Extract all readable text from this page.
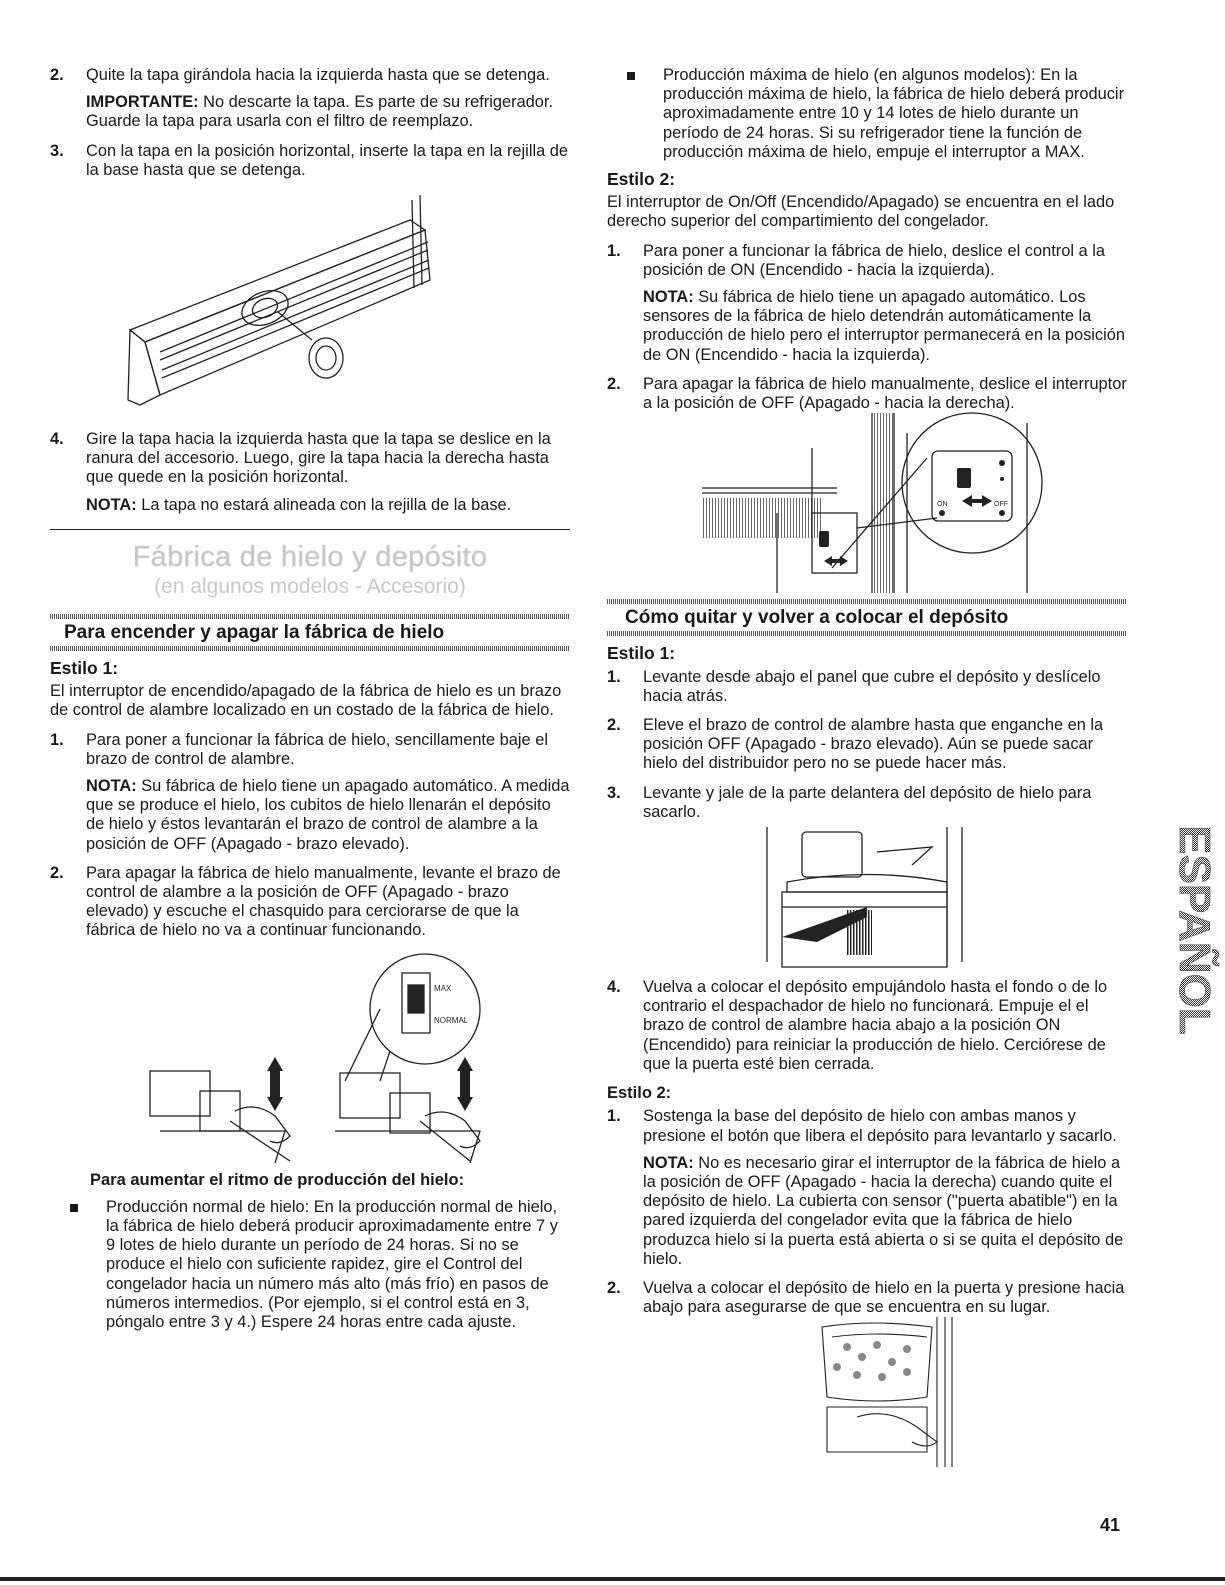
2. Quite la tapa girándola hacia la izquierda hasta que se detenga.

IMPORTANTE: No descarte la tapa. Es parte de su refrigerador. Guarde la tapa para usarla con el filtro de reemplazo.

3. Con la tapa en la posición horizontal, inserte la tapa en la rejilla de la base hasta que se detenga.

4. Gire la tapa hacia la izquierda hasta que la tapa se deslice en la ranura del accesorio. Luego, gire la tapa hacia la derecha hasta que quede en la posición horizontal.

NOTA: La tapa no estará alineada con la rejilla de la base.

Fábrica de hielo y depósito

(en algunos modelos - Accesorio)

Para encender y apagar la fábrica de hielo
Estilo 1:

El interruptor de encendido/apagado de la fábrica de hielo es un brazo de control de alambre localizado en un costado de la fábrica de hielo.

1. Para poner a funcionar la fábrica de hielo, sencillamente baje el brazo de control de alambre.

NOTA: Su fábrica de hielo tiene un apagado automático. A medida que se produce el hielo, los cubitos de hielo llenarán el depósito de hielo y éstos levantarán el brazo de control de alambre a la posición de OFF (Apagado - brazo elevado).

2. Para apagar la fábrica de hielo manualmente, levante el brazo de control de alambre a la posición de OFF (Apagado - brazo elevado) y escuche el chasquido para cerciorarse de que la fábrica de hielo no va a continuar funcionando.

MAX
NORMAL
Para aumentar el ritmo de producción del hielo:

Producción normal de hielo: En la producción normal de hielo, la fábrica de hielo deberá producir aproximadamente entre 7 y 9 lotes de hielo durante un período de 24 horas. Si no se produce el hielo con suficiente rapidez, gire el Control del congelador hacia un número más alto (más frío) en pasos de números intermedios. (Por ejemplo, si el control está en 3, póngalo entre 3 y 4.) Espere 24 horas entre cada ajuste.

Producción máxima de hielo (en algunos modelos): En la producción máxima de hielo, la fábrica de hielo deberá producir aproximadamente entre 10 y 14 lotes de hielo durante un período de 24 horas. Si su refrigerador tiene la función de producción máxima de hielo, empuje el interruptor a MAX.

Estilo 2:

El interruptor de On/Off (Encendido/Apagado) se encuentra en el lado derecho superior del compartimiento del congelador.

1. Para poner a funcionar la fábrica de hielo, deslice el control a la posición de ON (Encendido - hacia la izquierda).

NOTA: Su fábrica de hielo tiene un apagado automático. Los sensores de la fábrica de hielo detendrán automáticamente la producción de hielo pero el interruptor permanecerá en la posición de ON (Encendido - hacia la izquierda).

2. Para apagar la fábrica de hielo manualmente, deslice el interruptor a la posición de OFF (Apagado - hacia la derecha).

ON	OFF
Cómo quitar y volver a colocar el depósito
Estilo 1:
1. Levante desde abajo el panel que cubre el depósito y deslícelo hacia atrás.

2. Eleve el brazo de control de alambre hasta que enganche en la posición OFF (Apagado - brazo elevado). Aún se puede sacar hielo del distribuidor pero no se puede hacer más.

3. Levante y jale de la parte delantera del depósito de hielo para sacarlo.

4. Vuelva a colocar el depósito empujándolo hasta el fondo o de lo contrario el despachador de hielo no funcionará. Empuje el el brazo de control de alambre hacia abajo a la posición ON (Encendido) para reiniciar la producción de hielo. Cerciórese de que la puerta esté bien cerrada.

Estilo 2:
1. Sostenga la base del depósito de hielo con ambas manos y presione el botón que libera el depósito para levantarlo y sacarlo.

NOTA: No es necesario girar el interruptor de la fábrica de hielo a la posición de OFF (Apagado - hacia la derecha) cuando quite el depósito de hielo. La cubierta con sensor ("puerta abatible") en la pared izquierda del congelador evita que la fábrica de hielo produzca hielo si la puerta está abierta o si se quita el depósito de hielo.

2. Vuelva a colocar el depósito de hielo en la puerta y presione hacia abajo para asegurarse de que se encuentra en su lugar.

ESPAÑOL
41
